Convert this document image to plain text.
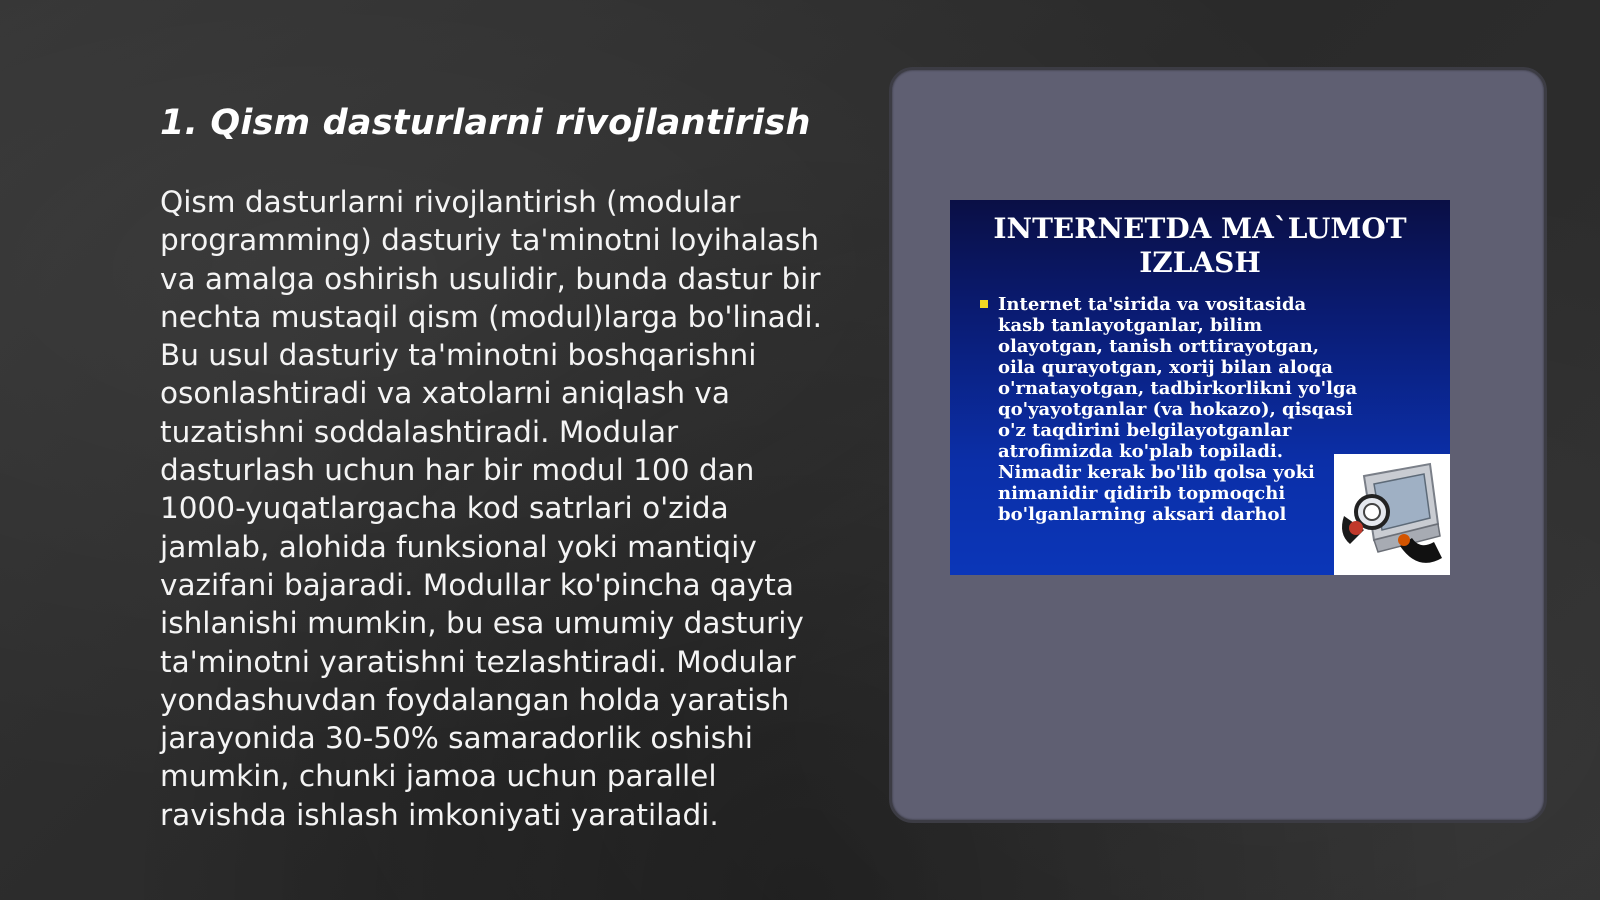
1. Qism dasturlarni rivojlantirish

Qism dasturlarni rivojlantirish (modular programming) dasturiy ta'minotni loyihalash va amalga oshirish usulidir, bunda dastur bir nechta mustaqil qism (modul)larga bo'linadi. Bu usul dasturiy ta'minotni boshqarishni osonlashtiradi va xatolarni aniqlash va tuzatishni soddalashtiradi. Modular dasturlash uchun har bir modul 100 dan 1000-yuqatlargacha kod satrlari o'zida jamlab, alohida funksional yoki mantiqiy vazifani bajaradi. Modullar ko'pincha qayta ishlanishi mumkin, bu esa umumiy dasturiy ta'minotni yaratishni tezlashtiradi. Modular yondashuvdan foydalangan holda yaratish jarayonida 30-50% samaradorlik oshishi mumkin, chunki jamoa uchun parallel ravishda ishlash imkoniyati yaratiladi.

INTERNETDA MA`LUMOT IZLASH

Internet ta'sirida va vositasida kasb tanlayotganlar, bilim olayotgan, tanish orttirayotgan, oila qurayotgan, xorij bilan aloqa o'rnatayotgan, tadbirkorlikni yo'lga qo'yayotganlar (va hokazo), qisqasi o'z taqdirini belgilayotganlar atrofimizda ko'plab topiladi. Nimadir kerak bo'lib qolsa yoki nimanidir qidirib topmoqchi bo'lganlarning aksari darhol
